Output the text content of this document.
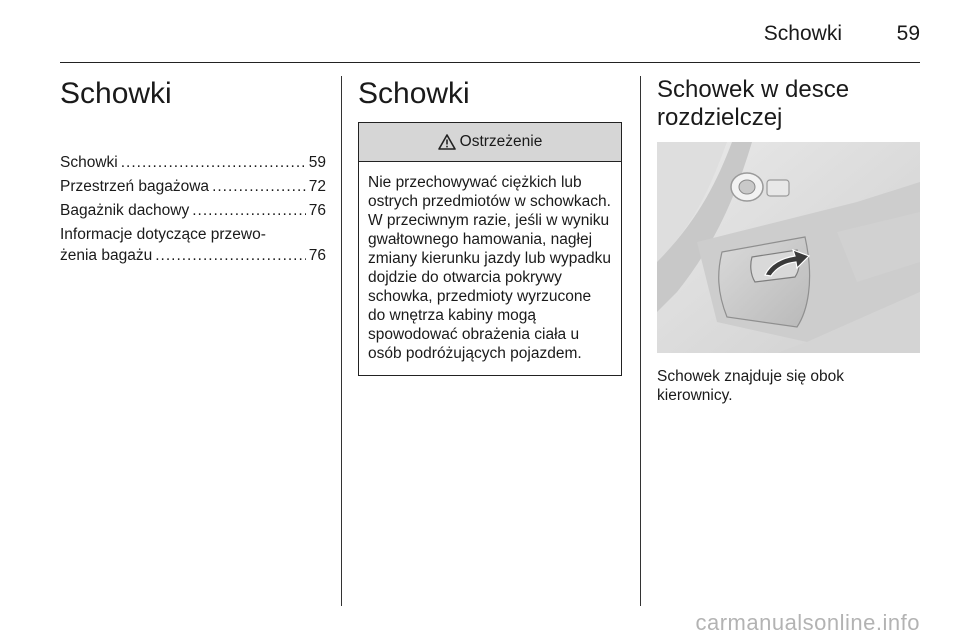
Schowki	59
Schowki
Schowki .....	59
Przestrzeń bagażowa .....	72
Bagażnik dachowy .....	76
Informacje dotyczące przewo-
żenia bagażu .....	76
Schowki
Ostrzeżenie
Nie przechowywać ciężkich lub ostrych przedmiotów w schowkach. W przeciwnym razie, jeśli w wyniku gwałtownego hamowania, nagłej zmiany kierunku jazdy lub wypadku dojdzie do otwarcia pokrywy schowka, przedmioty wyrzucone do wnętrza kabiny mogą spowodować obrażenia ciała u osób podróżujących pojazdem.
Schowek w desce rozdzielczej
Schowek znajduje się obok kierownicy.
carmanualsonline.info
